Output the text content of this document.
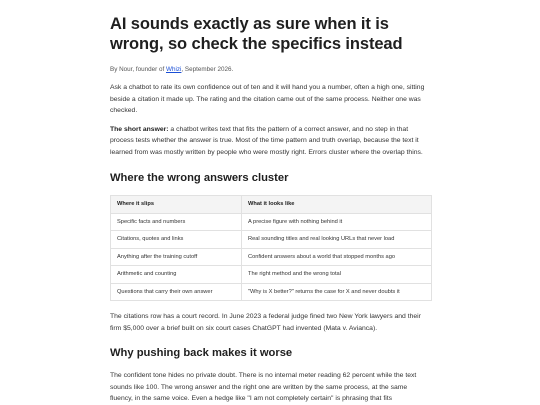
AI sounds exactly as sure when it is wrong, so check the specifics instead
By Nour, founder of Whizi, September 2026.

Ask a chatbot to rate its own confidence out of ten and it will hand you a number, often a high one, sitting beside a citation it made up. The rating and the citation came out of the same process. Neither one was checked.

The short answer: a chatbot writes text that fits the pattern of a correct answer, and no step in that process tests whether the answer is true. Most of the time pattern and truth overlap, because the text it learned from was mostly written by people who were mostly right. Errors cluster where the overlap thins.

Where the wrong answers cluster
Where it slips	What it looks like
Specific facts and numbers	A precise figure with nothing behind it
Citations, quotes and links	Real sounding titles and real looking URLs that never load
Anything after the training cutoff	Confident answers about a world that stopped months ago
Arithmetic and counting	The right method and the wrong total
Questions that carry their own answer	"Why is X better?" returns the case for X and never doubts it

The citations row has a court record. In June 2023 a federal judge fined two New York lawyers and their firm $5,000 over a brief built on six court cases ChatGPT had invented (Mata v. Avianca).

Why pushing back makes it worse

The confident tone hides no private doubt. There is no internal meter reading 62 percent while the text sounds like 100. The wrong answer and the right one are written by the same process, at the same fluency, in the same voice. Even a hedge like "I am not completely certain" is phrasing that fits
